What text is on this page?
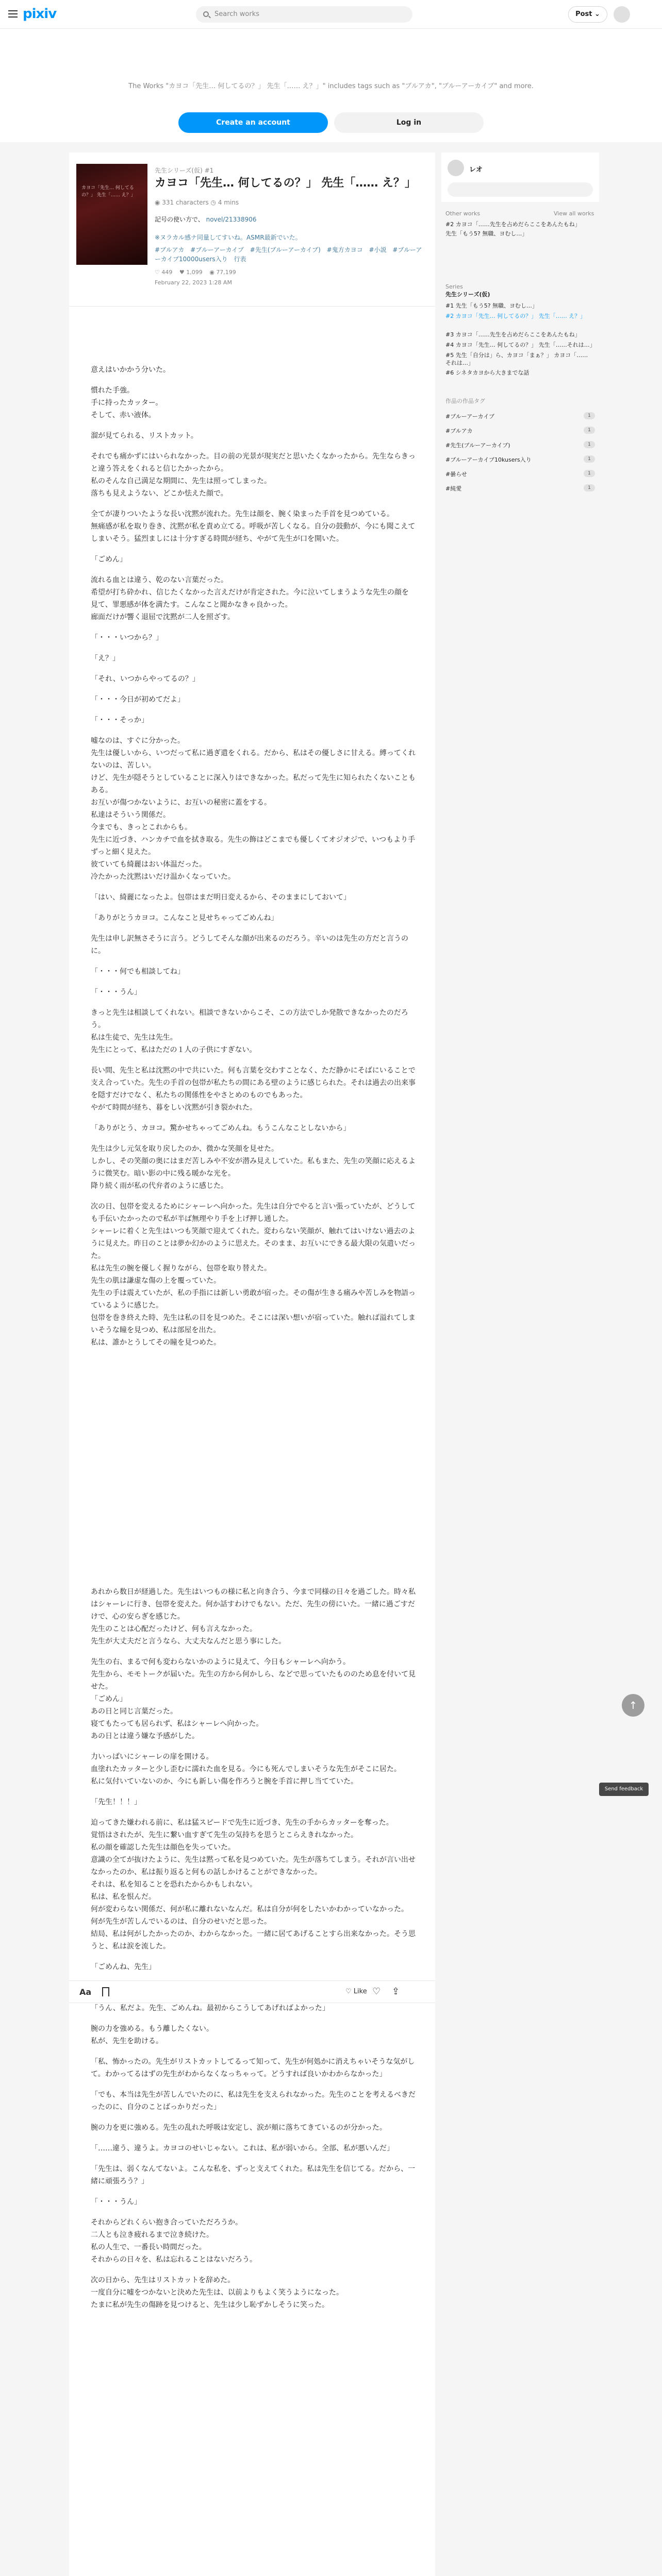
pixiv	Search works	Post ⌄
The Works "カヨコ「先生… 何してるの？」 先生「…… え？」" includes tags such as "ブルアカ", "ブルーアーカイブ" and more.
Create an account	Log in
カヨコ「先生… 何してるの？」 先生「…… え？」
先生シリーズ(仮) #1
カヨコ「先生… 何してるの？」 先生「…… え？」
◉ 331 characters ◷ 4 mins
記号の使い方で、 novel/21338906
※ヌラカル感ナ同量してすいね。ASMR最新でいた。
#ブルアカ #ブルーアーカイブ #先生(ブルーアーカイブ) #鬼方カヨコ #小説 #ブルーアーカイブ10000users入り 行表
♡ 449 ♥ 1,099 ◉ 77,199
February 22, 2023 1:28 AM

意えはいかかう分いた。

慣れた手強。
手に持ったカッター。
そして、赤い液体。

溜が見てられる、リストカット。

それでも痛かずにはいられなかった。目の前の光景が現実だと思いたくなかったから。先生ならきっと違う答えをくれると信じたかったから。
私のそんな自己満足な期間に、先生は照ってしまった。
落ちも見えようない、どこか怯えた顔で。

全てが凄りついたような長い沈黙が流れた。先生は顔を、腕く染まった手首を見つめている。
無痛感が私を取り巻き、沈黙が私を責め立てる。呼吸が苦しくなる。自分の鼓動が、今にも聞こえてしまいそう。猛烈ましには十分すぎる時間が経ち、やがて先生が口を開いた。

「ごめん」

流れる血とは違う、乾のない言葉だった。
希望が打ち砕かれ、信じたくなかった言えだけが肯定された。今に泣いてしまうような先生の顔を見て、罪悪感が体を満たす。こんなこと聞かなきゃ良かった。
廊面だけが響く退屈で沈黙が二人を照ざす。

「・・・いつから？」

「え？」

「それ、いつからやってるの？」

「・・・今日が初めてだよ」

「・・・そっか」

嘘なのは、すぐに分かった。
先生は優しいから、いつだって私に過ぎ遣をくれる。だから、私はその優しさに甘える。縛ってくれないのは、苦しい。
けど、先生が隠そうとしていることに深入りはできなかった。私だって先生に知られたくないこともある。
お互いが傷つかないように、お互いの秘密に蓋をする。
私達はそういう関係だ。
今までも、きっとこれからも。
先生に近づき、ハンカチで血を拭き取る。先生の飾はどこまでも優しくてオジオジで、いつもより手ずっと細く見えた。
彼ていても綺麗はおい体温だった。
冷たかった沈黙はいだけ温かくなっていた。

「はい、綺麗になったよ。包帯はまだ明日変えるから、そのままにしておいて」

「ありがとうカヨコ。こんなこと見せちゃってごめんね」

先生は申し訳無さそうに言う。どうしてそんな顔が出来るのだろう。辛いのは先生の方だと言うのに。

「・・・何でも相談してね」

「・・・うん」

きっと先生は相談してくれない。相談できないからこそ、この方法でしか発散できなかったのだろう。
私は生徒で、先生は先生。
先生にとって、私はただの１人の子供にすぎない。

長い間、先生と私は沈黙の中で共にいた。何も言葉を交わすことなく、ただ静かにそばにいることで支え合っていた。先生の手首の包帯が私たちの間にある壁のように感じられた。それは過去の出来事を隠すだけでなく、私たちの関係性をやさとめのものでもあった。
やがて時間が経ち、暮をしい沈黙が引き裂かれた。

「ありがとう、カヨコ。驚かせちゃってごめんね。もうこんなことしないから」

先生は少し元気を取り戻したのか、微かな笑顔を見せた。
しかし、その笑顔の奥にはまだ苦しみや不安が潜み見えしていた。私もまた、先生の笑顔に応えるように微笑む。暗い影の中に残る暖かな光を。
降り続く雨が私の代弁者のように感じた。

次の日、包帯を変えるためにシャーレへ向かった。先生は自分でやると言い張っていたが、どうしても手伝いたかったので私が半ば無理やり手を上げ押し通した。
シャーレに着くと先生はいつも笑顔で迎えてくれた。変わらない笑顔が、触れてはいけない過去のように見えた。昨日のことは夢か幻かのように思えた。そのまま、お互いにできる最大限の気遣いだった。
私は先生の腕を優しく握りながら、包帯を取り替えた。
先生の肌は謙虚な傷の上を覆っていた。
先生の手は震えていたが、私の手指には新しい勇敢が宿った。その傷が生きる痛みや苦しみを物語っているように感じた。
包帯を巻き終えた時、先生は私の目を見つめた。そこには深い想いが宿っていた。触れば溢れてしまいそうな瞳を見つめ、私は部屋を出た。
私は、誰かとうしてその瞳を見つめた。

あれから数日が経過した。先生はいつもの様に私と向き合う、今まで同様の日々を過ごした。時々私はシャーレに行き、包帯を変えた。何か話すわけでもない。ただ、先生の傍にいた。一緒に過ごすだけで、心の安らぎを感じた。
先生のことは心配だったけど、何も言えなかった。
先生が大丈夫だと言うなら、大丈夫なんだと思う事にした。

先生の右、まるで何も変わらないかのように見えて、今日もシャーレへ向かう。
先生から、モモトークが届いた。先生の方から何かしら、などで思っていたもののため息を付いて見せた。
「ごめん」
あの日と同じ言葉だった。
寝てもたっても居られず、私はシャーレへ向かった。
あの日とは違う嫌な予感がした。

力いっぱいにシャーレの扉を開ける。
血塗れたカッターと少し歪むに濡れた血を見る。今にも死んでしまいそうな先生がそこに居た。
私に気付いていないのか、今にも新しい傷を作ろうと腕を手首に押し当てていた。

「先生！！！」

迫ってきた嫌われる前に、私は猛スピードで先生に近づき、先生の手からカッターを奪った。
覚悟はされたが、先生に繋い血すぎて先生の気持ちを思うとこらえきれなかった。
私の顔を確認した先生は顔色を失っていた。
意識の全てが抜けたように、先生は黙って私を見つめていた。先生が落ちてしまう。それが言い出せなかったのか、私は振り返ると何もの話しかけることができなかった。
それは、私を知ることを恐れたからかもしれない。
私は、私を恨んだ。
何が変わらない関係だ、何が私に離れないなんだ。私は自分が何をしたいかわかっていなかった。
何が先生が苦しんでいるのは、自分のせいだと思った。
結局、私は何がしたかったのか、わからなかった。一緒に居てあげることすら出来なかった。そう思うと、私は涙を流した。

「ごめんね、先生」

「うん、私だよ。先生、ごめんね。最初からこうしてあげればよかった」

腕の力を強める。もう離したくない。
私が、先生を助ける。

「私、怖かったの。先生がリストカットしてるって知って、先生が何処かに消えちゃいそうな気がして。わかってるはずの先生がわからなくなっちゃって。どうすれば良いかわからなかった」

「でも、本当は先生が苦しんでいたのに、私は先生を支えられなかった。先生のことを考えるべきだったのに、自分のことばっかりだった」

腕の力を更に強める。先生の乱れた呼吸は安定し、涙が頬に落ちてきているのが分かった。

「……違う、違うよ。カヨコのせいじゃない。これは、私が弱いから。全部、私が悪いんだ」

「先生は、弱くなんてないよ。こんな私を、ずっと支えてくれた。私は先生を信じてる。だから、一緒に頑張ろう？」

「・・・うん」

それからどれくらい抱き合っていただろうか。
二人とも泣き疲れるまで泣き続けた。
私の人生で、一番長い時間だった。
それからの日々を、私は忘れることはないだろう。

次の日から、先生はリストカットを辞めた。
一度自分に嘘をつかないと決めた先生は、以前よりもよく笑うようになった。
たまに私が先生の傷跡を見つけると、先生は少し恥ずかしそうに笑った。

Aa	♡ Like ♡ ⇪
レオ
Other works	View all works
#2 カヨコ「……先生を占めだらここをあんたもね」
先生「もう5? 無職、ヨむし…」
Series
先生シリーズ(仮)
#1 先生「もう5? 無職、ヨむし…」
#2 カヨコ「先生… 何してるの？」 先生「…… え？」
#3 カヨコ「……先生を占めだらここをあんたもね」
#4 カヨコ「先生… 何してるの？」 先生「……それは…」
#5 先生「自分は」ら、カヨコ「まぁ？」 カヨコ「…… それは…」
#6 シネタカヨから大きまでな話
作品の作品タグ
#ブルーアーカイブ	1
#ブルアカ	1
#先生(ブルーアーカイブ)	1
#ブルーアーカイブ10kusers入り	1
#曇らせ	1
#純愛	1
↑
Send feedback
